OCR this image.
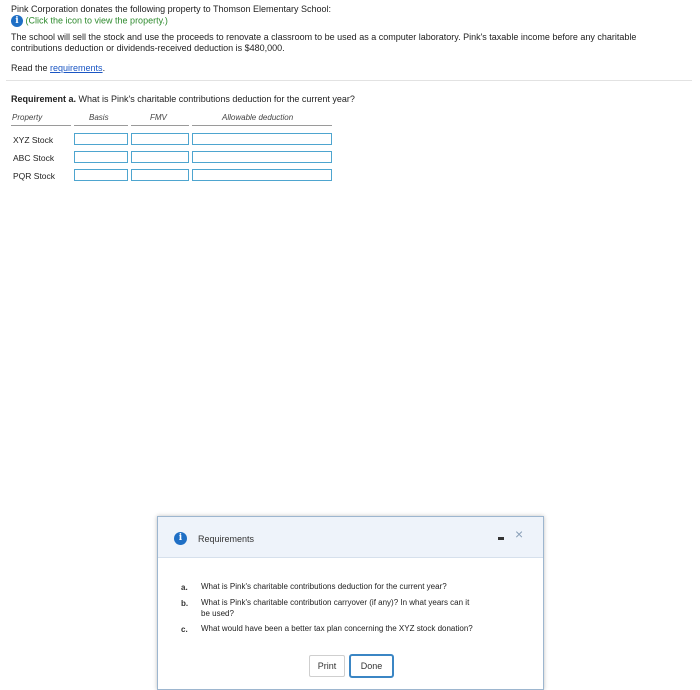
Pink Corporation donates the following property to Thomson Elementary School:
i (Click the icon to view the property.)
The school will sell the stock and use the proceeds to renovate a classroom to be used as a computer laboratory. Pink's taxable income before any charitable
contributions deduction or dividends-received deduction is $480,000.
Read the requirements.
Requirement a. What is Pink's charitable contributions deduction for the current year?
Property	Basis	FMV	Allowable deduction
XYZ Stock
ABC Stock
PQR Stock
i	Requirements	×
a. What is Pink's charitable contributions deduction for the current year?
b. What is Pink's charitable contribution carryover (if any)? In what years can it
be used?
c. What would have been a better tax plan concerning the XYZ stock donation?
Print	Done
